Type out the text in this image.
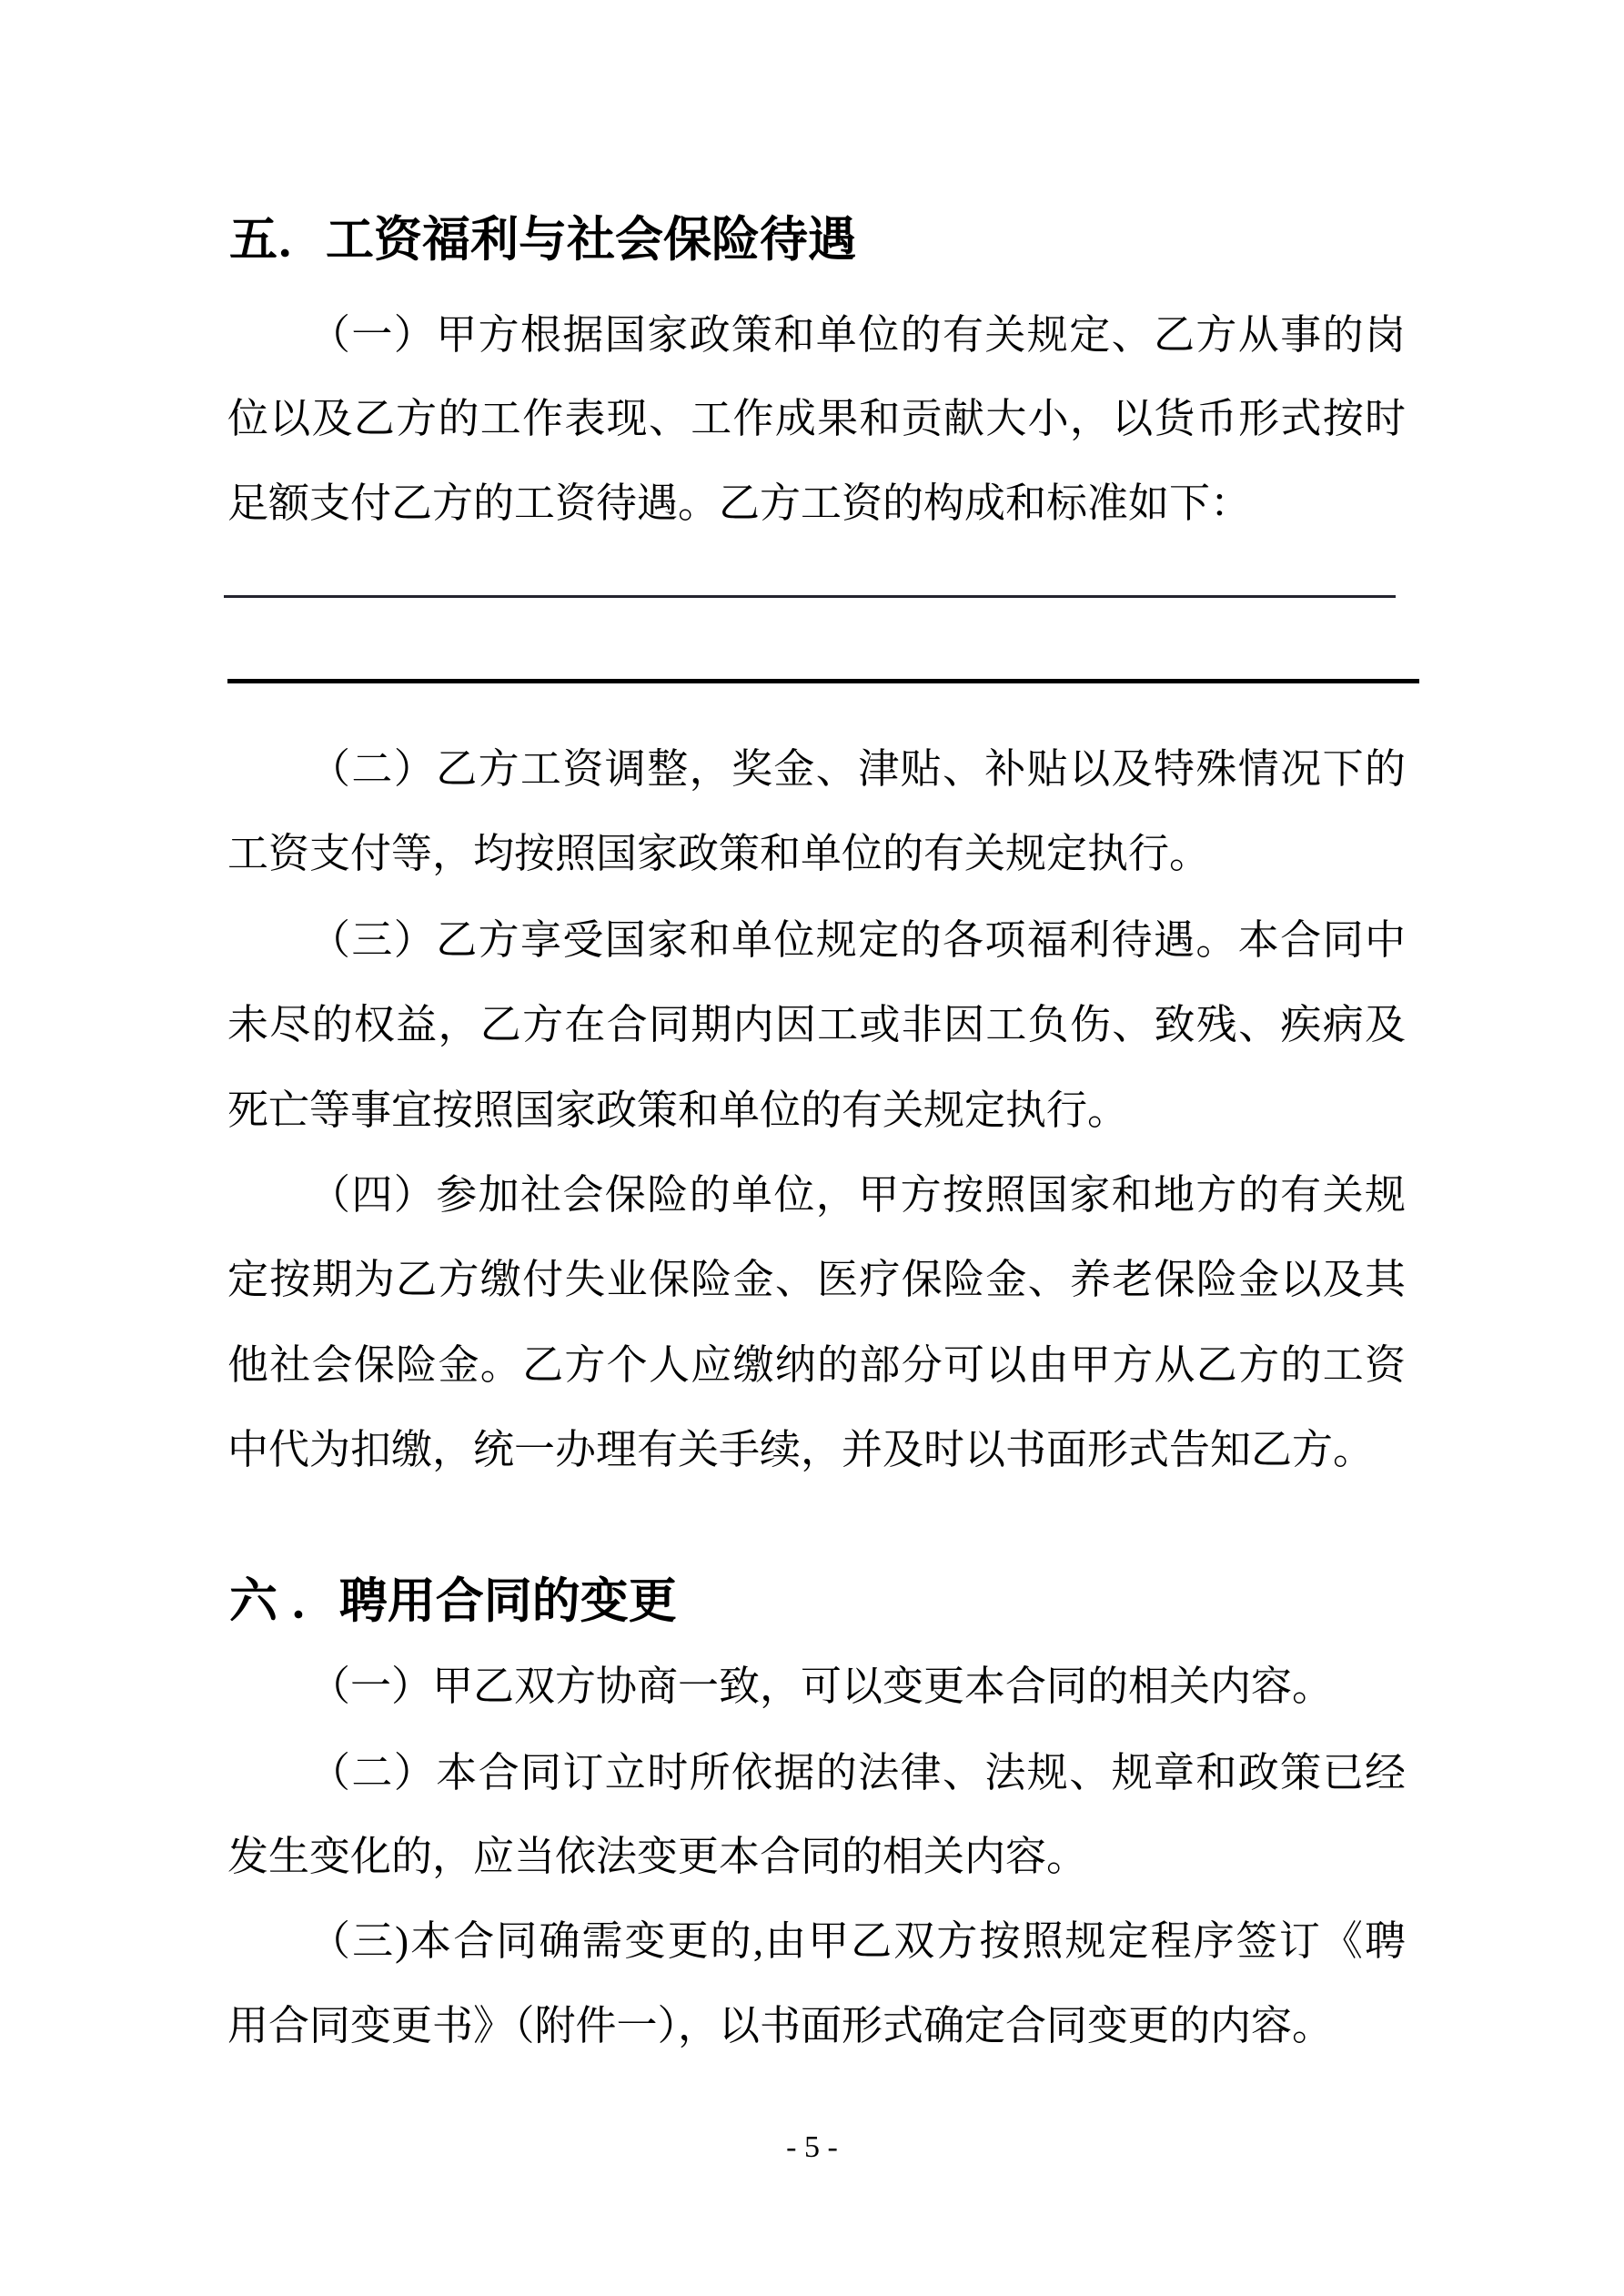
五．工资福利与社会保险待遇
（一）甲方根据国家政策和单位的有关规定、乙方从事的岗
位以及乙方的工作表现、工作成果和贡献大小，以货币形式按时
足额支付乙方的工资待遇。乙方工资的构成和标准如下：
（二）乙方工资调整，奖金、津贴、补贴以及特殊情况下的
工资支付等，均按照国家政策和单位的有关规定执行。
（三）乙方享受国家和单位规定的各项福利待遇。本合同中
未尽的权益，乙方在合同期内因工或非因工负伤、致残、疾病及
死亡等事宜按照国家政策和单位的有关规定执行。
（四）参加社会保险的单位，甲方按照国家和地方的有关规
定按期为乙方缴付失业保险金、医疗保险金、养老保险金以及其
他社会保险金。乙方个人应缴纳的部分可以由甲方从乙方的工资
中代为扣缴，统一办理有关手续，并及时以书面形式告知乙方。
六 ．聘用合同的变更
（一）甲乙双方协商一致，可以变更本合同的相关内容。
（二）本合同订立时所依据的法律、法规、规章和政策已经
发生变化的，应当依法变更本合同的相关内容。
（三)本合同确需变更的,由甲乙双方按照规定程序签订《聘
用合同变更书》（附件一），以书面形式确定合同变更的内容。
- 5 -
